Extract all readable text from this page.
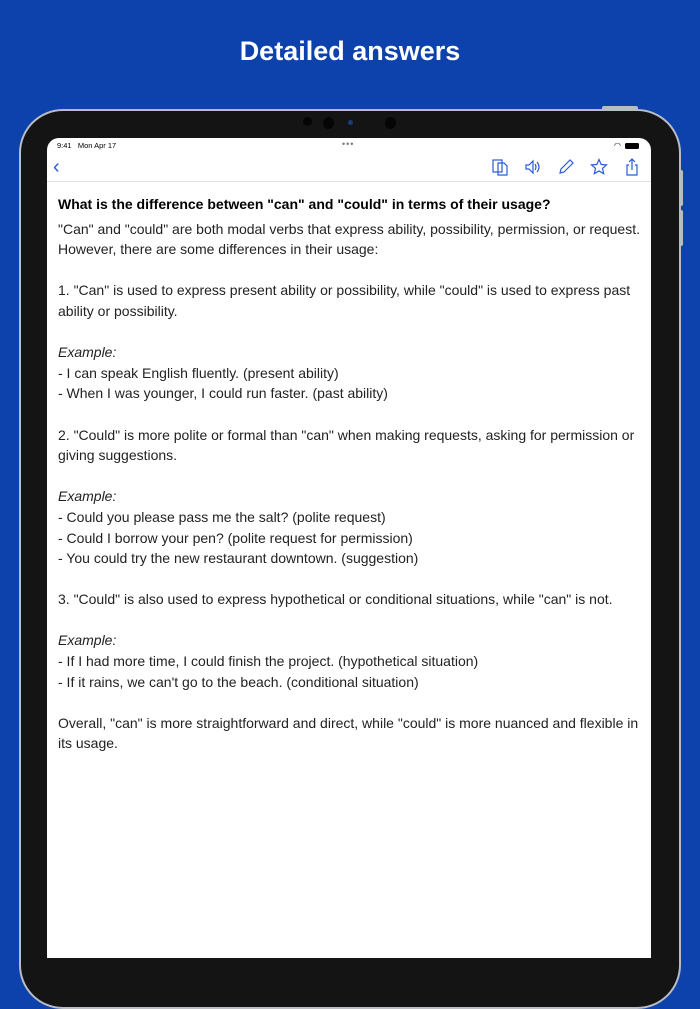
Detailed answers
9:41 Mon Apr 17	•••	◠
‹
What is the difference between "can" and "could" in terms of their usage?

"Can" and "could" are both modal verbs that express ability, possibility, permission, or request. However, there are some differences in their usage:

1. "Can" is used to express present ability or possibility, while "could" is used to express past ability or possibility.

Example:
- I can speak English fluently. (present ability)
- When I was younger, I could run faster. (past ability)

2. "Could" is more polite or formal than "can" when making requests, asking for permission or giving suggestions.

Example:
- Could you please pass me the salt? (polite request)
- Could I borrow your pen? (polite request for permission)
- You could try the new restaurant downtown. (suggestion)

3. "Could" is also used to express hypothetical or conditional situations, while "can" is not.

Example:
- If I had more time, I could finish the project. (hypothetical situation)
- If it rains, we can't go to the beach. (conditional situation)

Overall, "can" is more straightforward and direct, while "could" is more nuanced and flexible in its usage.
